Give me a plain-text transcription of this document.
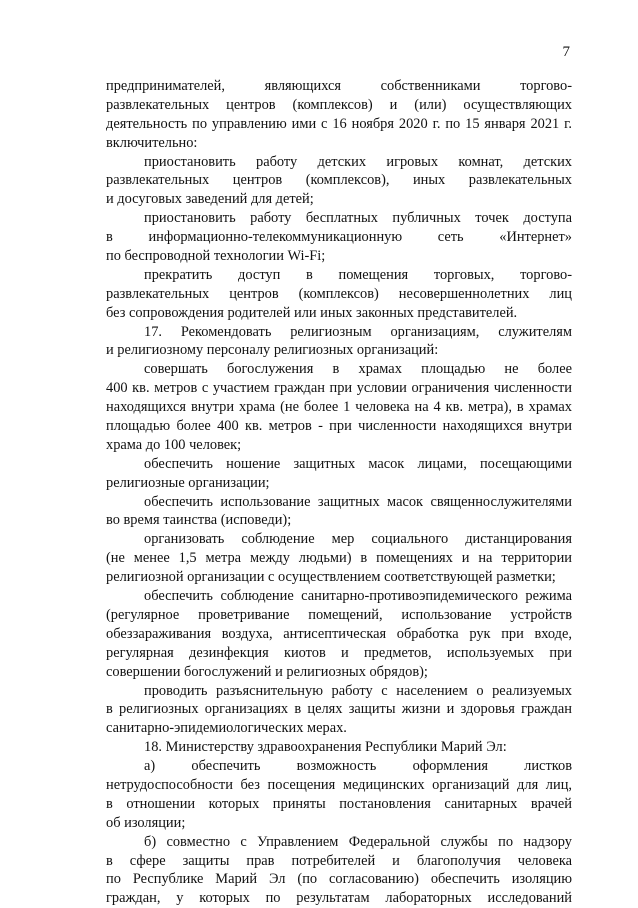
7
предпринимателей, являющихся собственниками торгово-
развлекательных центров (комплексов) и (или) осуществляющих
деятельность по управлению ими с 16 ноября 2020 г. по 15 января 2021 г.
включительно:
приостановить работу детских игровых комнат, детских
развлекательных центров (комплексов), иных развлекательных
и досуговых заведений для детей;
приостановить работу бесплатных публичных точек доступа
в информационно-телекоммуникационную сеть «Интернет»
по беспроводной технологии Wi-Fi;
прекратить доступ в помещения торговых, торгово-
развлекательных центров (комплексов) несовершеннолетних лиц
без сопровождения родителей или иных законных представителей.
17. Рекомендовать религиозным организациям, служителям
и религиозному персоналу религиозных организаций:
совершать богослужения в храмах площадью не более
400 кв. метров с участием граждан при условии ограничения численности
находящихся внутри храма (не более 1 человека на 4 кв. метра), в храмах
площадью более 400 кв. метров - при численности находящихся внутри
храма до 100 человек;
обеспечить ношение защитных масок лицами, посещающими
религиозные организации;
обеспечить использование защитных масок священнослужителями
во время таинства (исповеди);
организовать соблюдение мер социального дистанцирования
(не менее 1,5 метра между людьми) в помещениях и на территории
религиозной организации с осуществлением соответствующей разметки;
обеспечить соблюдение санитарно-противоэпидемического режима
(регулярное проветривание помещений, использование устройств
обеззараживания воздуха, антисептическая обработка рук при входе,
регулярная дезинфекция киотов и предметов, используемых при
совершении богослужений и религиозных обрядов);
проводить разъяснительную работу с населением о реализуемых
в религиозных организациях в целях защиты жизни и здоровья граждан
санитарно-эпидемиологических мерах.
18. Министерству здравоохранения Республики Марий Эл:
а) обеспечить возможность оформления листков
нетрудоспособности без посещения медицинских организаций для лиц,
в отношении которых приняты постановления санитарных врачей
об изоляции;
б) совместно с Управлением Федеральной службы по надзору
в сфере защиты прав потребителей и благополучия человека
по Республике Марий Эл (по согласованию) обеспечить изоляцию
граждан, у которых по результатам лабораторных исследований
